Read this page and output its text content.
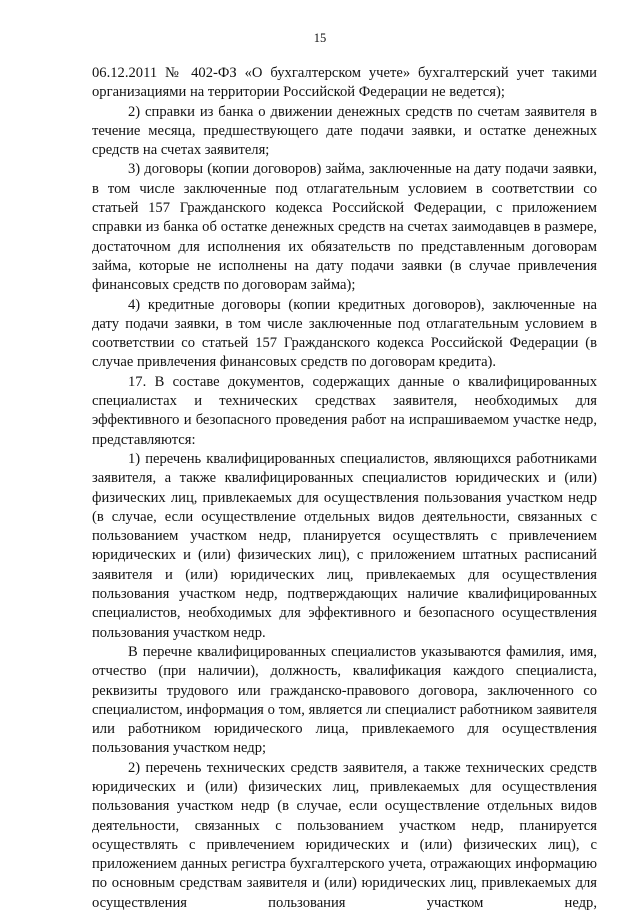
15

06.12.2011 № 402-ФЗ «О бухгалтерском учете» бухгалтерский учет такими организациями на территории Российской Федерации не ведется);

2) справки из банка о движении денежных средств по счетам заявителя в течение месяца, предшествующего дате подачи заявки, и остатке денежных средств на счетах заявителя;

3) договоры (копии договоров) займа, заключенные на дату подачи заявки, в том числе заключенные под отлагательным условием в соответствии со статьей 157 Гражданского кодекса Российской Федерации, с приложением справки из банка об остатке денежных средств на счетах заимодавцев в размере, достаточном для исполнения их обязательств по представленным договорам займа, которые не исполнены на дату подачи заявки (в случае привлечения финансовых средств по договорам займа);

4) кредитные договоры (копии кредитных договоров), заключенные на дату подачи заявки, в том числе заключенные под отлагательным условием в соответствии со статьей 157 Гражданского кодекса Российской Федерации (в случае привлечения финансовых средств по договорам кредита).

17. В составе документов, содержащих данные о квалифицированных специалистах и технических средствах заявителя, необходимых для эффективного и безопасного проведения работ на испрашиваемом участке недр, представляются:

1) перечень квалифицированных специалистов, являющихся работниками заявителя, а также квалифицированных специалистов юридических и (или) физических лиц, привлекаемых для осуществления пользования участком недр (в случае, если осуществление отдельных видов деятельности, связанных с пользованием участком недр, планируется осуществлять с привлечением юридических и (или) физических лиц), с приложением штатных расписаний заявителя и (или) юридических лиц, привлекаемых для осуществления пользования участком недр, подтверждающих наличие квалифицированных специалистов, необходимых для эффективного и безопасного осуществления пользования участком недр.

В перечне квалифицированных специалистов указываются фамилия, имя, отчество (при наличии), должность, квалификация каждого специалиста, реквизиты трудового или гражданско-правового договора, заключенного со специалистом, информация о том, является ли специалист работником заявителя или работником юридического лица, привлекаемого для осуществления пользования участком недр;

2) перечень технических средств заявителя, а также технических средств юридических и (или) физических лиц, привлекаемых для осуществления пользования участком недр (в случае, если осуществление отдельных видов деятельности, связанных с пользованием участком недр, планируется осуществлять с привлечением юридических и (или) физических лиц), с приложением данных регистра бухгалтерского учета, отражающих информацию по основным средствам заявителя и (или) юридических лиц, привлекаемых для осуществления пользования участком недр,
